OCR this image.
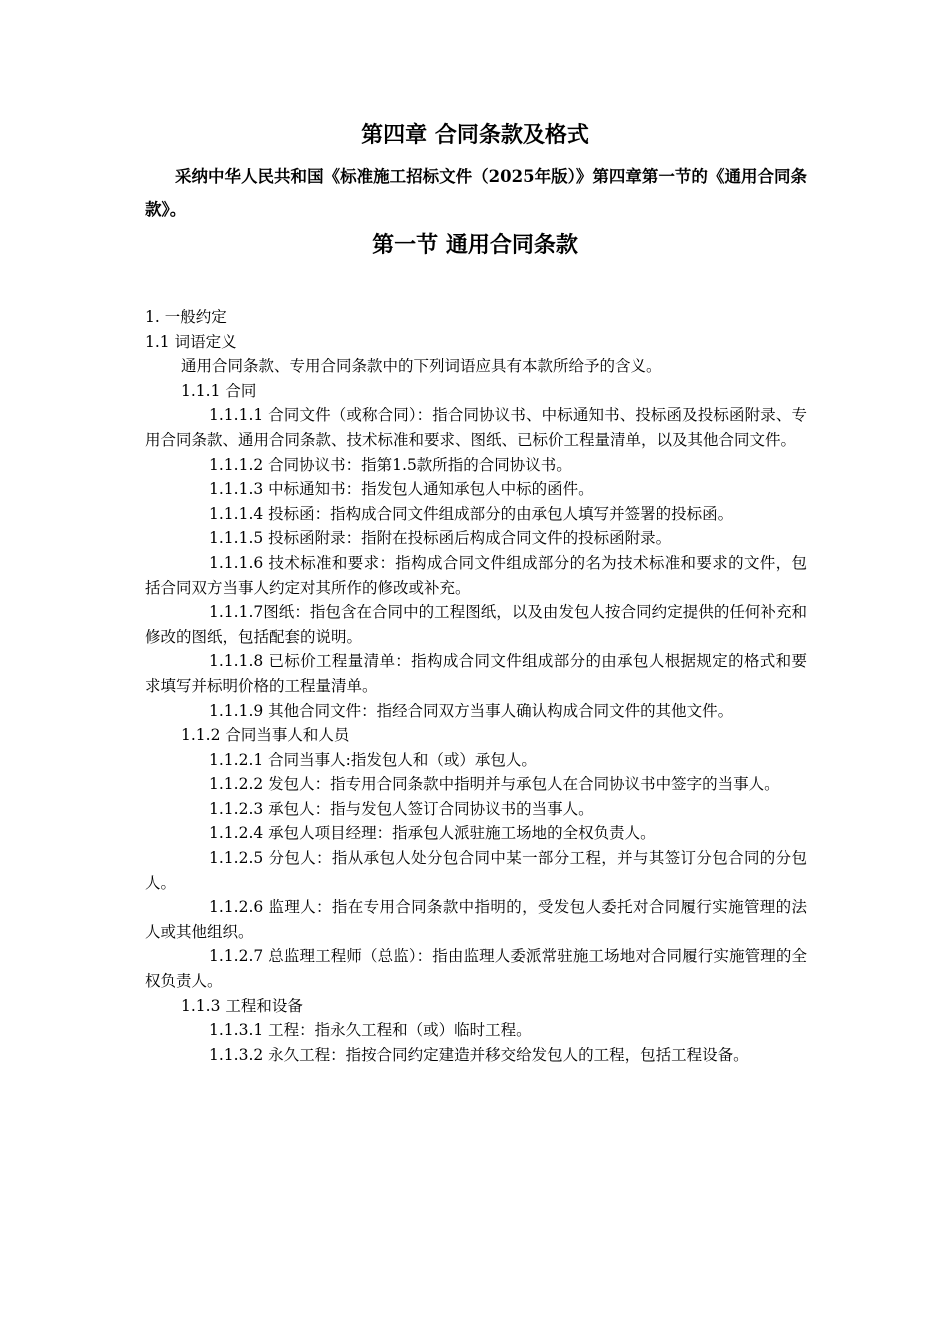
第四章 合同条款及格式
采纳中华人民共和国《标准施工招标文件（2025年版）》第四章第一节的《通用合同条款》。
第一节 通用合同条款

1. 一般约定

1.1 词语定义

通用合同条款、专用合同条款中的下列词语应具有本款所给予的含义。

1.1.1 合同

1.1.1.1 合同文件（或称合同）：指合同协议书、中标通知书、投标函及投标函附录、专用合同条款、通用合同条款、技术标准和要求、图纸、已标价工程量清单，以及其他合同文件。

1.1.1.2 合同协议书：指第1.5款所指的合同协议书。

1.1.1.3 中标通知书：指发包人通知承包人中标的函件。

1.1.1.4 投标函：指构成合同文件组成部分的由承包人填写并签署的投标函。

1.1.1.5 投标函附录：指附在投标函后构成合同文件的投标函附录。

1.1.1.6 技术标准和要求：指构成合同文件组成部分的名为技术标准和要求的文件，包括合同双方当事人约定对其所作的修改或补充。

1.1.1.7图纸：指包含在合同中的工程图纸，以及由发包人按合同约定提供的任何补充和修改的图纸，包括配套的说明。

1.1.1.8 已标价工程量清单：指构成合同文件组成部分的由承包人根据规定的格式和要求填写并标明价格的工程量清单。

1.1.1.9 其他合同文件：指经合同双方当事人确认构成合同文件的其他文件。

1.1.2 合同当事人和人员

1.1.2.1 合同当事人:指发包人和（或）承包人。

1.1.2.2 发包人：指专用合同条款中指明并与承包人在合同协议书中签字的当事人。

1.1.2.3 承包人：指与发包人签订合同协议书的当事人。

1.1.2.4 承包人项目经理：指承包人派驻施工场地的全权负责人。

1.1.2.5 分包人：指从承包人处分包合同中某一部分工程，并与其签订分包合同的分包人。

1.1.2.6 监理人：指在专用合同条款中指明的，受发包人委托对合同履行实施管理的法人或其他组织。

1.1.2.7 总监理工程师（总监）：指由监理人委派常驻施工场地对合同履行实施管理的全权负责人。

1.1.3 工程和设备

1.1.3.1 工程：指永久工程和（或）临时工程。

1.1.3.2 永久工程：指按合同约定建造并移交给发包人的工程，包括工程设备。
